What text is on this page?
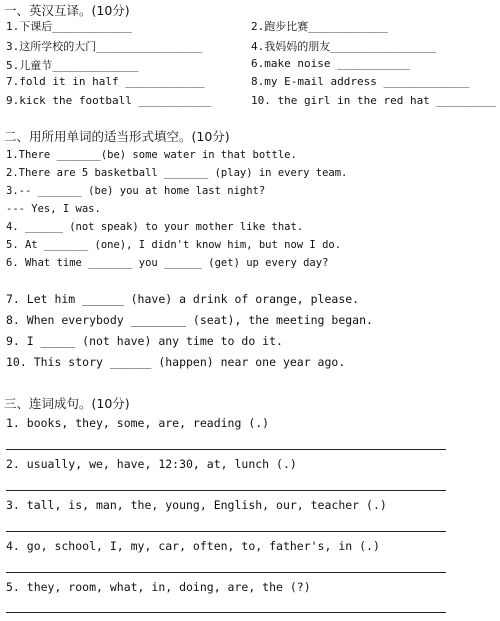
一、英汉互译。(10分)
1.下课后____________	2.跑步比赛____________
3.这所学校的大门________________	4.我妈妈的朋友________________
5.儿童节_____________	6.make noise ___________
7.fold it in half ____________	8.my E-mail address _____________
9.kick the football ___________	10. the girl in the red hat _________
二、用所用单词的适当形式填空。(10分)
1.There _______(be) some water in that bottle.
2.There are 5 basketball _______ (play) in every team.
3.-- _______ (be) you at home last night?
--- Yes, I was.
4. ______ (not speak) to your mother like that.
5. At _______ (one), I didn't know him, but now I do.
6. What time _______ you ______ (get) up every day?
7. Let him ______ (have) a drink of orange, please.
8. When everybody ________ (seat), the meeting began.
9. I _____ (not have) any time to do it.
10. This story ______ (happen) near one year ago.
三、连词成句。(10分)
1. books, they, some, are, reading (.)
2. usually, we, have, 12:30, at, lunch (.)
3. tall, is, man, the, young, English, our, teacher (.)
4. go, school, I, my, car, often, to, father's, in (.)
5. they, room, what, in, doing, are, the (?)
